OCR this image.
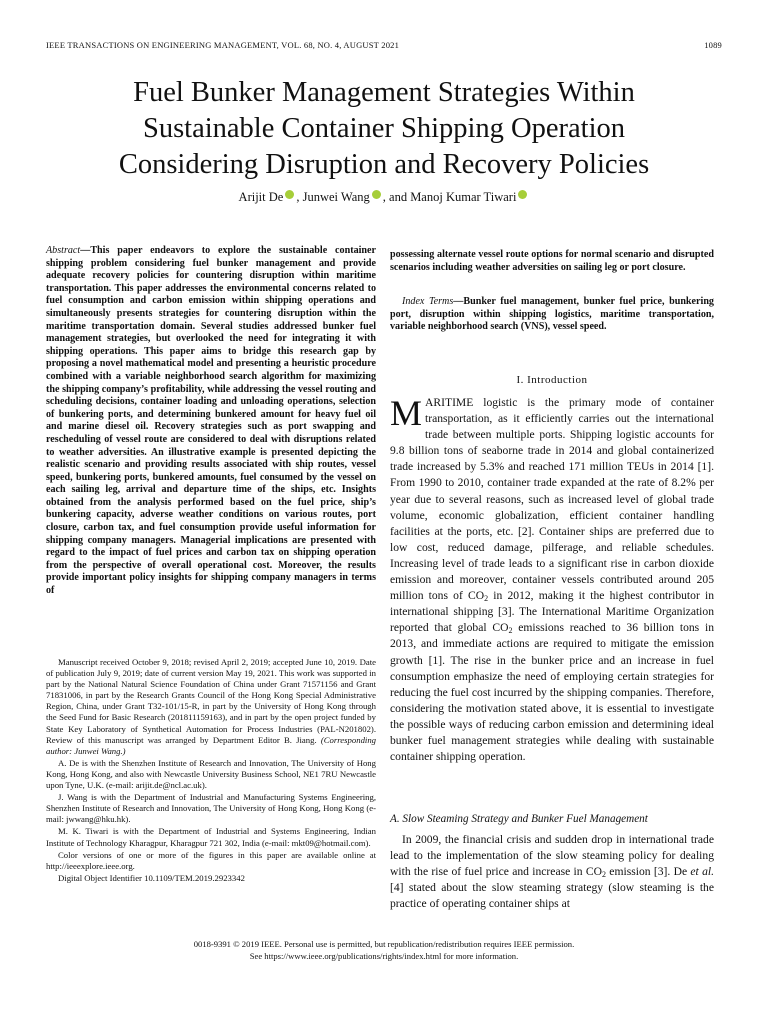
IEEE TRANSACTIONS ON ENGINEERING MANAGEMENT, VOL. 68, NO. 4, AUGUST 2021	1089
Fuel Bunker Management Strategies Within
Sustainable Container Shipping Operation
Considering Disruption and Recovery Policies
Arijit De , Junwei Wang , and Manoj Kumar Tiwari
Abstract—This paper endeavors to explore the sustainable container shipping problem considering fuel bunker management and provide adequate recovery policies for countering disruption within maritime transportation. This paper addresses the environmental concerns related to fuel consumption and carbon emission within shipping operations and simultaneously presents strategies for countering disruption within the maritime transportation domain. Several studies addressed bunker fuel management strategies, but overlooked the need for integrating it with shipping operations. This paper aims to bridge this research gap by proposing a novel mathematical model and presenting a heuristic procedure combined with a variable neighborhood search algorithm for maximizing the shipping company’s profitability, while addressing the vessel routing and scheduling decisions, container loading and unloading operations, selection of bunkering ports, and determining bunkered amount for heavy fuel oil and marine diesel oil. Recovery strategies such as port swapping and rescheduling of vessel route are considered to deal with disruptions related to weather adversities. An illustrative example is presented depicting the realistic scenario and providing results associated with ship routes, vessel speed, bunkering ports, bunkered amounts, fuel consumed by the vessel on each sailing leg, arrival and departure time of the ships, etc. Insights obtained from the analysis performed based on the fuel price, ship’s bunkering capacity, adverse weather conditions on various routes, port closure, carbon tax, and fuel consumption provide useful information for shipping company managers. Managerial implications are presented with regard to the impact of fuel prices and carbon tax on shipping operation from the perspective of overall operational cost. Moreover, the results provide important policy insights for shipping company managers in terms of
possessing alternate vessel route options for normal scenario and disrupted scenarios including weather adversities on sailing leg or port closure.
Index Terms—Bunker fuel management, bunker fuel price, bunkering port, disruption within shipping logistics, maritime transportation, variable neighborhood search (VNS), vessel speed.

Manuscript received October 9, 2018; revised April 2, 2019; accepted June 10, 2019. Date of publication July 9, 2019; date of current version May 19, 2021. This work was supported in part by the National Natural Science Foundation of China under Grant 71571156 and Grant 71831006, in part by the Research Grants Council of the Hong Kong Special Administrative Region, China, under Grant T32-101/15-R, in part by the University of Hong Kong through the Seed Fund for Basic Research (201811159163), and in part by the open project funded by State Key Laboratory of Synthetical Automation for Process Industries (PAL-N201802). Review of this manuscript was arranged by Department Editor B. Jiang. (Corresponding author: Junwei Wang.)

A. De is with the Shenzhen Institute of Research and Innovation, The University of Hong Kong, Hong Kong, and also with Newcastle University Business School, NE1 7RU Newcastle upon Tyne, U.K. (e-mail: arijit.de@ncl.ac.uk).

J. Wang is with the Department of Industrial and Manufacturing Systems Engineering, Shenzhen Institute of Research and Innovation, The University of Hong Kong, Hong Kong (e-mail: jwwang@hku.hk).

M. K. Tiwari is with the Department of Industrial and Systems Engineering, Indian Institute of Technology Kharagpur, Kharagpur 721 302, India (e-mail: mkt09@hotmail.com).

Color versions of one or more of the figures in this paper are available online at http://ieeexplore.ieee.org.

Digital Object Identifier 10.1109/TEM.2019.2923342

I. Introduction
MARITIME logistic is the primary mode of container transportation, as it efficiently carries out the international trade between multiple ports. Shipping logistic accounts for 9.8 billion tons of seaborne trade in 2014 and global containerized trade increased by 5.3% and reached 171 million TEUs in 2014 [1]. From 1990 to 2010, container trade expanded at the rate of 8.2% per year due to several reasons, such as increased level of global trade volume, economic globalization, efficient container handling facilities at the ports, etc. [2]. Container ships are preferred due to low cost, reduced damage, pilferage, and reliable schedules. Increasing level of trade leads to a significant rise in carbon dioxide emission and moreover, container vessels contributed around 205 million tons of $CO_2$ in 2012, making it the highest contributor in international shipping [3]. The International Maritime Organization reported that global $CO_2$ emissions reached to 36 billion tons in 2013, and immediate actions are required to mitigate the emission growth [1]. The rise in the bunker price and an increase in fuel consumption emphasize the need of employing certain strategies for reducing the fuel cost incurred by the shipping companies. Therefore, considering the motivation stated above, it is essential to investigate the possible ways of reducing carbon emission and determining ideal bunker fuel management strategies while dealing with sustainable container shipping operation.
A. Slow Steaming Strategy and Bunker Fuel Management
In 2009, the financial crisis and sudden drop in international trade lead to the implementation of the slow steaming policy for dealing with the rise of fuel price and increase in $CO_2$ emission [3]. De et al. [4] stated about the slow steaming strategy (slow steaming is the practice of operating container ships at
0018-9391 © 2019 IEEE. Personal use is permitted, but republication/redistribution requires IEEE permission.
See https://www.ieee.org/publications/rights/index.html for more information.
